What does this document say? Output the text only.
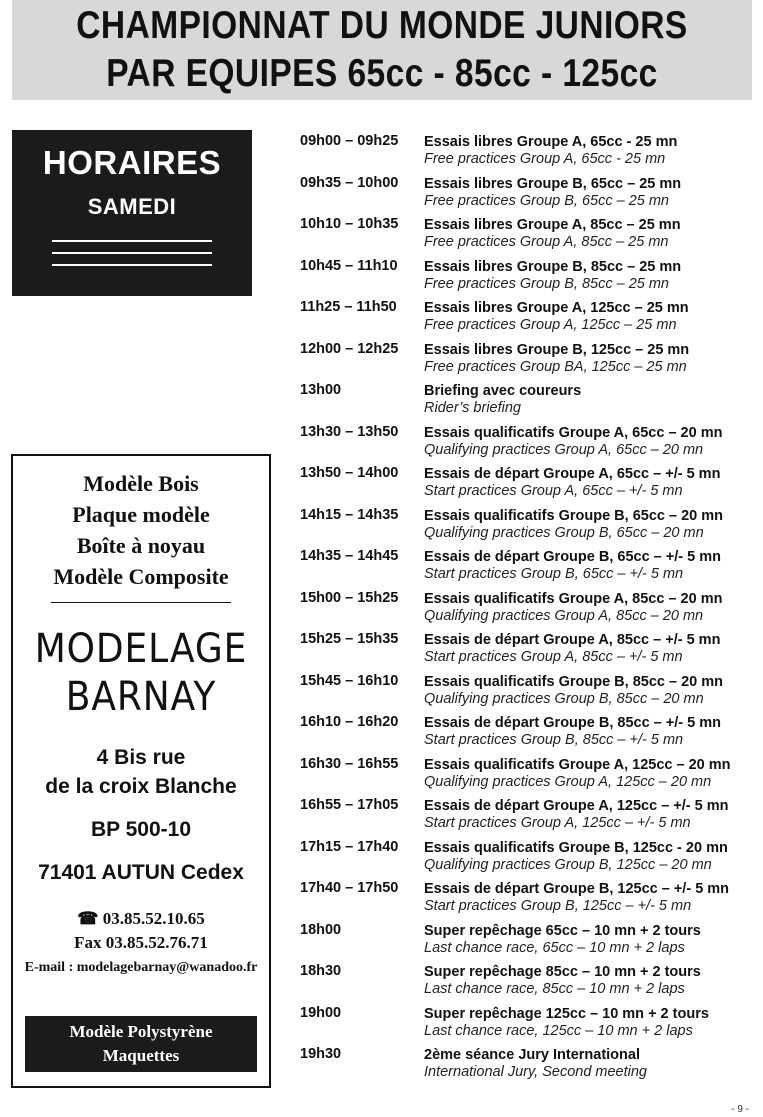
CHAMPIONNAT DU MONDE JUNIORS
PAR EQUIPES 65cc - 85cc - 125cc
HORAIRES
SAMEDI
Modèle Bois
Plaque modèle
Boîte à noyau
Modèle Composite
MODELAGE
BARNAY
4 Bis rue
de la croix Blanche
BP 500-10
71401 AUTUN Cedex
☎ 03.85.52.10.65
Fax 03.85.52.76.71
E-mail : modelagebarnay@wanadoo.fr
Modèle Polystyrène
Maquettes
09h00 – 09h25 Essais libres Groupe A, 65cc - 25 mn
Free practices Group A, 65cc - 25 mn
09h35 – 10h00 Essais libres Groupe B, 65cc – 25 mn
Free practices Group B, 65cc – 25 mn
10h10 – 10h35 Essais libres Groupe A, 85cc – 25 mn
Free practices Group A, 85cc – 25 mn
10h45 – 11h10 Essais libres Groupe B, 85cc – 25 mn
Free practices Group B, 85cc – 25 mn
11h25 – 11h50 Essais libres Groupe A, 125cc – 25 mn
Free practices Group A, 125cc – 25 mn
12h00 – 12h25 Essais libres Groupe B, 125cc – 25 mn
Free practices Group BA, 125cc – 25 mn
13h00	Briefing avec coureurs
Rider’s briefing
13h30 – 13h50 Essais qualificatifs Groupe A, 65cc – 20 mn
Qualifying practices Group A, 65cc – 20 mn
13h50 – 14h00 Essais de départ Groupe A, 65cc – +/- 5 mn
Start practices Group A, 65cc – +/- 5 mn
14h15 – 14h35 Essais qualificatifs Groupe B, 65cc – 20 mn
Qualifying practices Group B, 65cc – 20 mn
14h35 – 14h45 Essais de départ Groupe B, 65cc – +/- 5 mn
Start practices Group B, 65cc – +/- 5 mn
15h00 – 15h25 Essais qualificatifs Groupe A, 85cc – 20 mn
Qualifying practices Group A, 85cc – 20 mn
15h25 – 15h35 Essais de départ Groupe A, 85cc – +/- 5 mn
Start practices Group A, 85cc – +/- 5 mn
15h45 – 16h10 Essais qualificatifs Groupe B, 85cc – 20 mn
Qualifying practices Group B, 85cc – 20 mn
16h10 – 16h20 Essais de départ Groupe B, 85cc – +/- 5 mn
Start practices Group B, 85cc – +/- 5 mn
16h30 – 16h55 Essais qualificatifs Groupe A, 125cc – 20 mn
Qualifying practices Group A, 125cc – 20 mn
16h55 – 17h05 Essais de départ Groupe A, 125cc – +/- 5 mn
Start practices Group A, 125cc – +/- 5 mn
17h15 – 17h40 Essais qualificatifs Groupe B, 125cc - 20 mn
Qualifying practices Group B, 125cc – 20 mn
17h40 – 17h50 Essais de départ Groupe B, 125cc – +/- 5 mn
Start practices Group B, 125cc – +/- 5 mn
18h00	Super repêchage 65cc – 10 mn + 2 tours
Last chance race, 65cc – 10 mn + 2 laps
18h30	Super repêchage 85cc – 10 mn + 2 tours
Last chance race, 85cc – 10 mn + 2 laps
19h00	Super repêchage 125cc – 10 mn + 2 tours
Last chance race, 125cc – 10 mn + 2 laps
19h30	2ème séance Jury International
International Jury, Second meeting
- 9 -
